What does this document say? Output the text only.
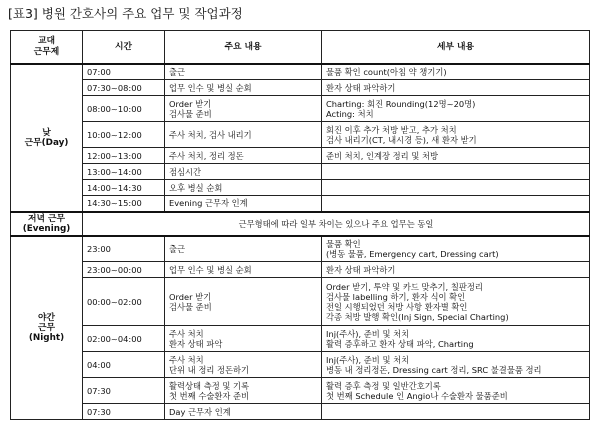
[표3] 병원 간호사의 주요 업무 및 작업과정
교대
근무제	시간	주요 내용	세부 내용

낮
근무(Day)	07:00	출근	물품 확인 count(아침 약 챙기기)

	07:30~08:00	업무 인수 및 병실 순회	환자 상태 파악하기

	08:00~10:00	Order 받기
검사물 준비	Charting: 회진 Rounding(12명~20명)
Acting: 처치

	10:00~12:00	주사 처치, 검사 내리기	회진 이후 추가 처방 받고, 추가 처치
검사 내리기(CT, 내시경 등), 새 환자 받기

	12:00~13:00	주사 처치, 정리 정돈	준비 처치, 인계장 정리 및 처방

	13:00~14:00	점심시간	

	14:00~14:30	오후 병실 순회	

	14:30~15:00	Evening 근무자 인계	

저녁 근무
(Evening)	근무형태에 따라 일부 차이는 있으나 주요 업무는 동일		

야간
근무
(Night)	23:00	출근	물품 확인
(병동 물품, Emergency cart, Dressing cart)

	23:00~00:00	업무 인수 및 병실 순회	환자 상태 파악하기

	00:00~02:00	Order 받기
검사물 준비	Order 받기, 투약 및 카드 맞추기, 칠판정리
검사물 labelling 하기, 환자 식이 확인
전일 시행되었던 처방 사항 환자별 확인
각종 처방 발행 확인(Inj Sign, Special Charting)

	02:00~04:00	주사 처치
환자 상태 파악	Inj(주사), 준비 및 처치
활력 증후하고 환자 상태 파악, Charting

	04:00	주사 처치
단위 내 정리 정돈하기	Inj(주사), 준비 및 처치
병동 내 정리정돈, Dressing cart 정리, SRC 불결물품 정리

	07:30	활력상태 측정 및 기록
첫 번째 수술환자 준비	활력 증후 측정 및 일반간호기록
첫 번째 Schedule 인 Angio나 수술환자 물품준비

	07:30	Day 근무자 인계	
